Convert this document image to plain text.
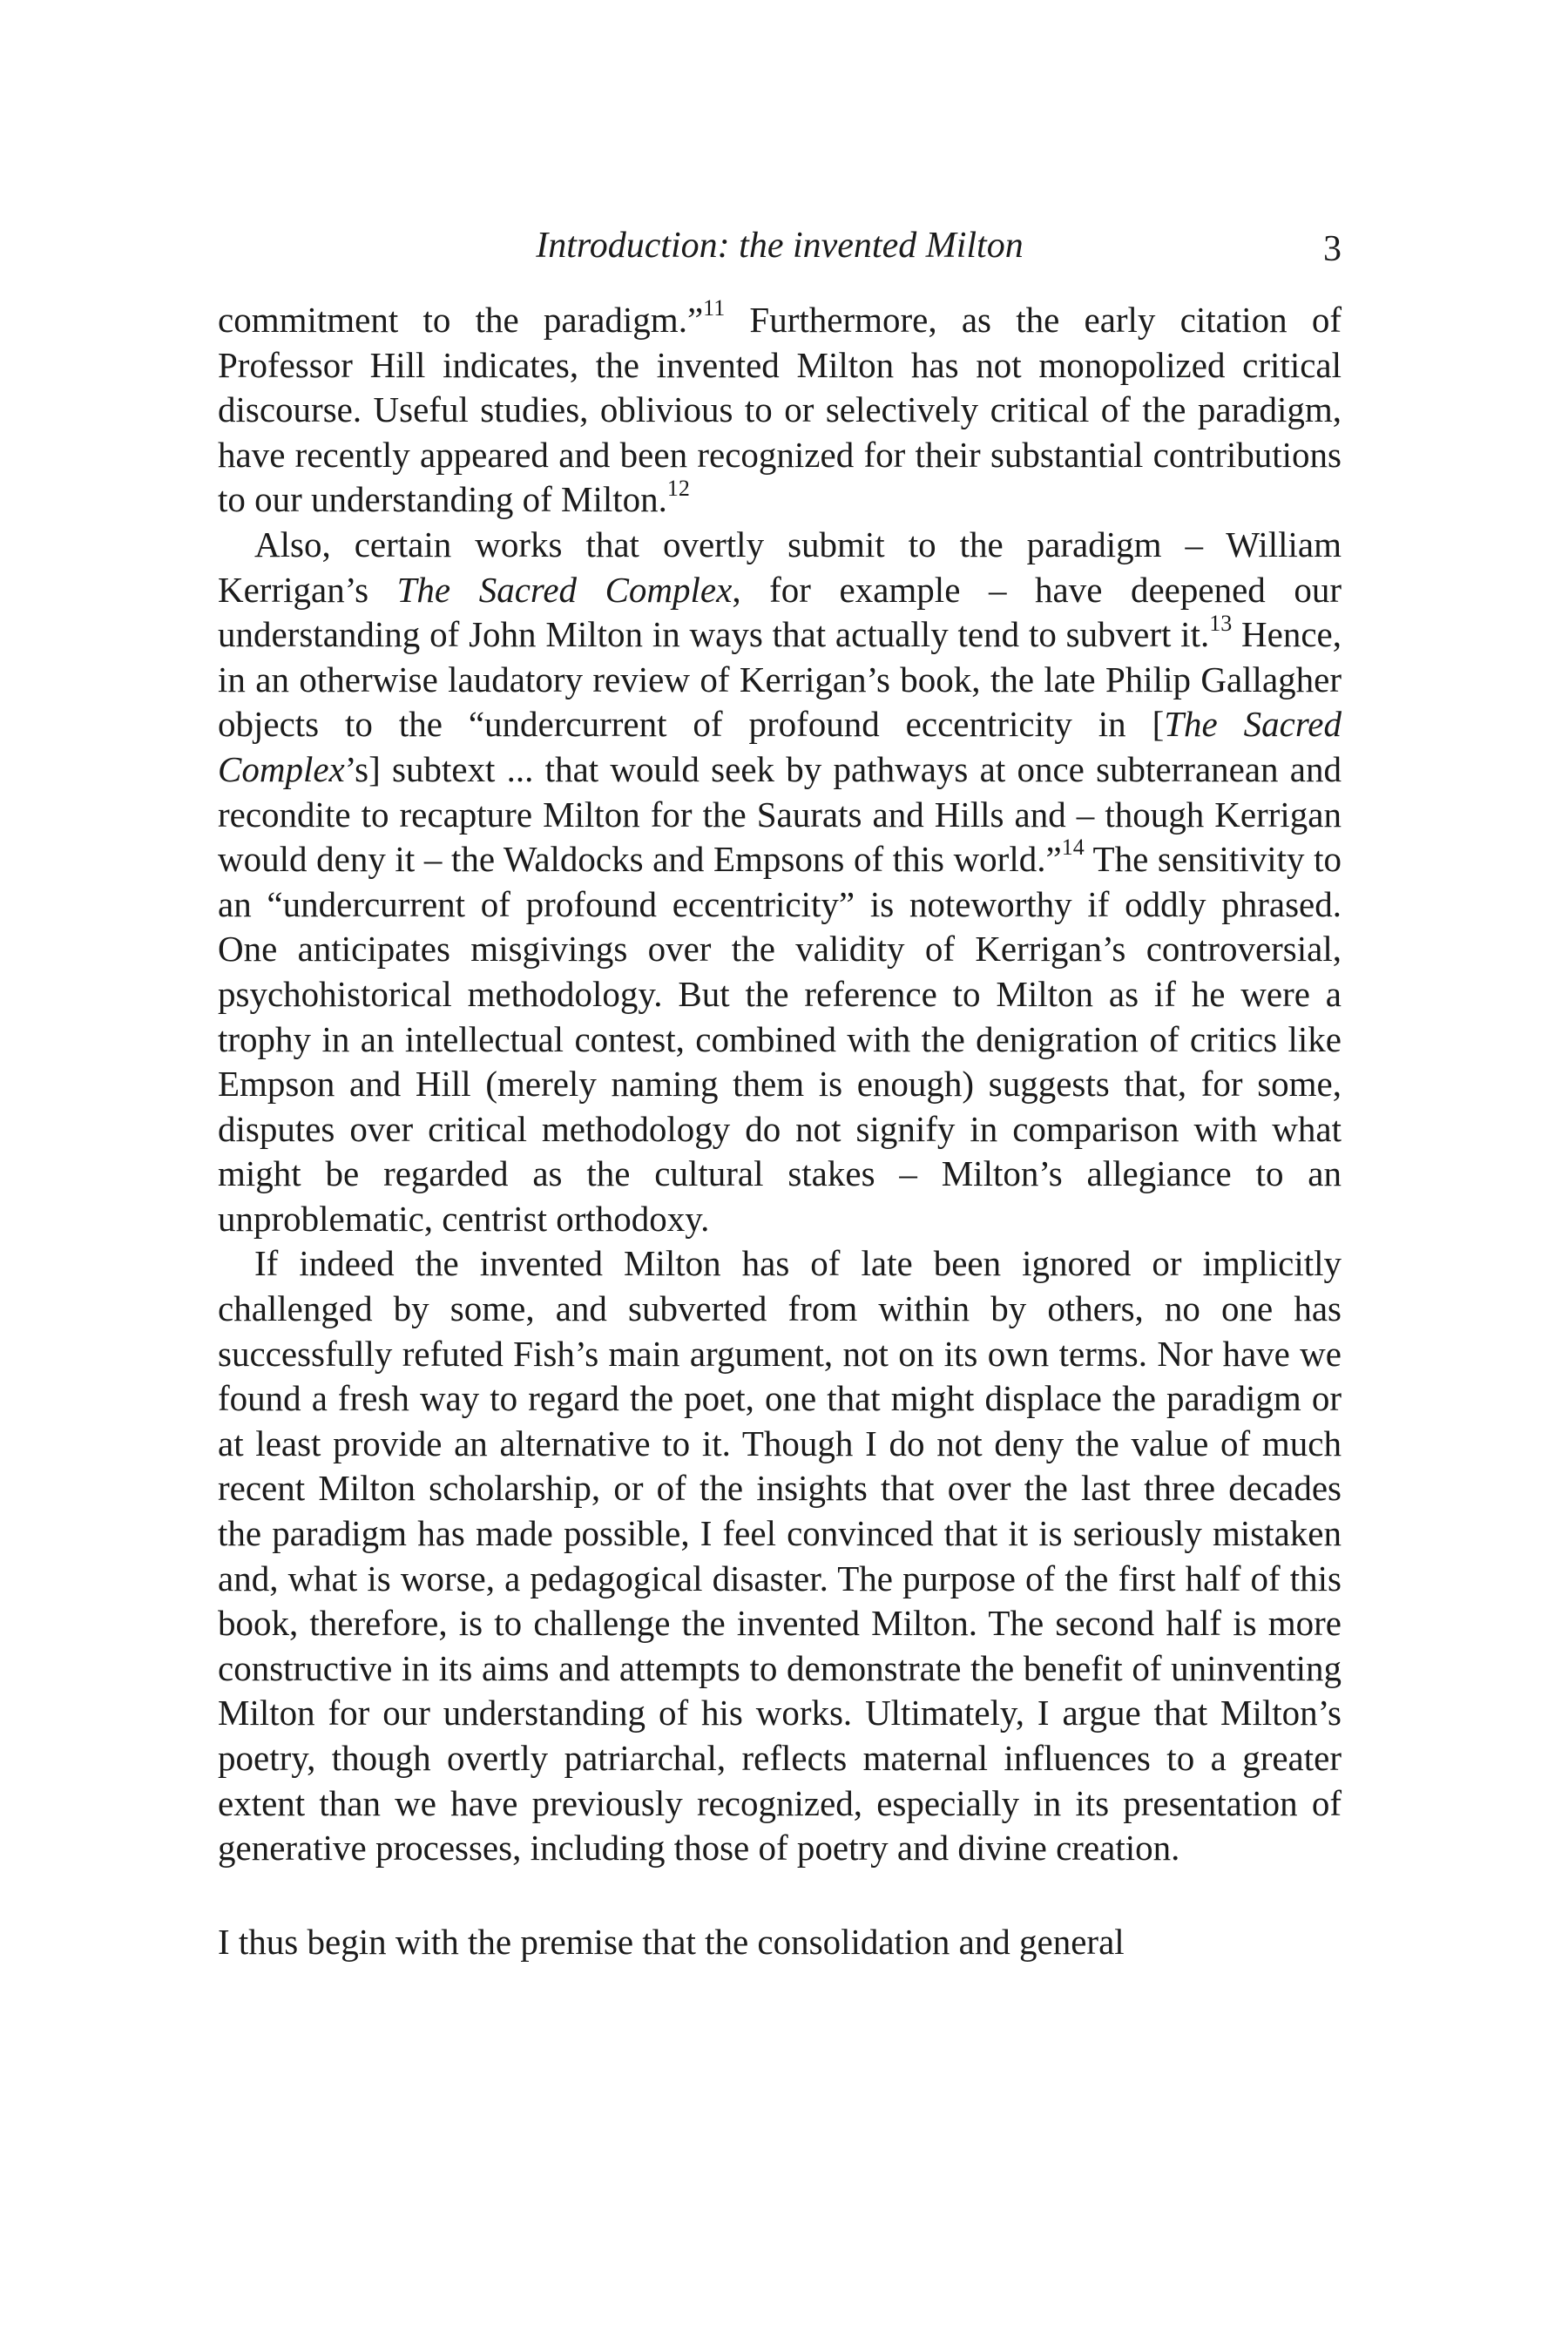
Introduction: the invented Milton	3

commitment to the paradigm.”$^{11}$ Furthermore, as the early citation of Professor Hill indicates, the invented Milton has not monopolized critical discourse. Useful studies, oblivious to or selectively critical of the paradigm, have recently appeared and been recognized for their substantial contributions to our understanding of Milton.$^{12}$

Also, certain works that overtly submit to the paradigm – William Kerrigan’s The Sacred Complex, for example – have deepened our understanding of John Milton in ways that actually tend to subvert it.$^{13}$ Hence, in an otherwise laudatory review of Kerrigan’s book, the late Philip Gallagher objects to the “undercurrent of profound eccentricity in [The Sacred Complex’s] subtext ... that would seek by pathways at once subterranean and recondite to recapture Milton for the Saurats and Hills and – though Kerrigan would deny it – the Waldocks and Empsons of this world.”$^{14}$ The sensitivity to an “undercurrent of profound eccentricity” is noteworthy if oddly phrased. One anticipates misgivings over the validity of Kerrigan’s controversial, psychohistorical methodology. But the reference to Milton as if he were a trophy in an intellectual contest, combined with the denigration of critics like Empson and Hill (merely naming them is enough) suggests that, for some, disputes over critical methodology do not signify in comparison with what might be regarded as the cultural stakes – Milton’s allegiance to an unproblematic, centrist orthodoxy.

If indeed the invented Milton has of late been ignored or implicitly challenged by some, and subverted from within by others, no one has successfully refuted Fish’s main argument, not on its own terms. Nor have we found a fresh way to regard the poet, one that might displace the paradigm or at least provide an alternative to it. Though I do not deny the value of much recent Milton scholarship, or of the insights that over the last three decades the paradigm has made possible, I feel convinced that it is seriously mistaken and, what is worse, a pedagogical disaster. The purpose of the first half of this book, therefore, is to challenge the invented Milton. The second half is more constructive in its aims and attempts to demonstrate the benefit of uninventing Milton for our understanding of his works. Ultimately, I argue that Milton’s poetry, though overtly patriarchal, reflects maternal influences to a greater extent than we have previously recognized, especially in its presentation of generative processes, including those of poetry and divine creation.

I thus begin with the premise that the consolidation and general
